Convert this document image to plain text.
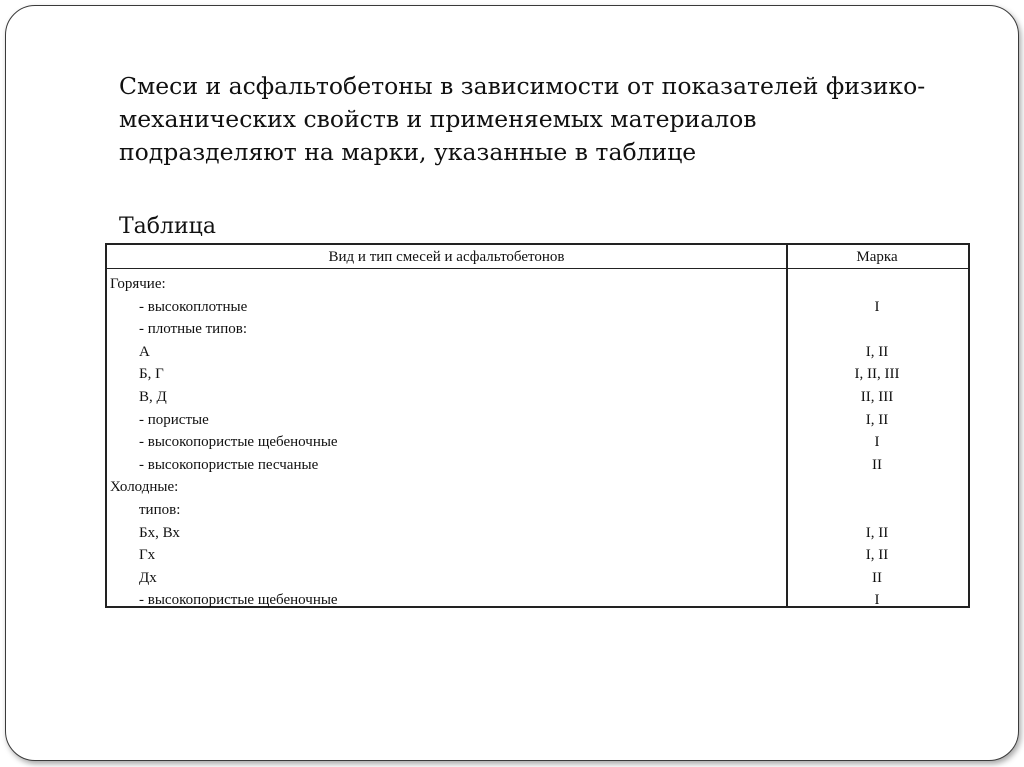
Смеси и асфальтобетоны в зависимости от показателей физико-
механических свойств и применяемых материалов
подразделяют на марки, указанные в таблице
Таблица
Вид и тип смесей и асфальтобетонов	Марка
Горячие:
- высокоплотные	I
- плотные типов:
А	I, II
Б, Г	I, II, III
В, Д	II, III
- пористые	I, II
- высокопористые щебеночные	I
- высокопористые песчаные	II
Холодные:
типов:
Бх, Вх	I, II
Гх	I, II
Дх	II
- высокопористые щебеночные	I
